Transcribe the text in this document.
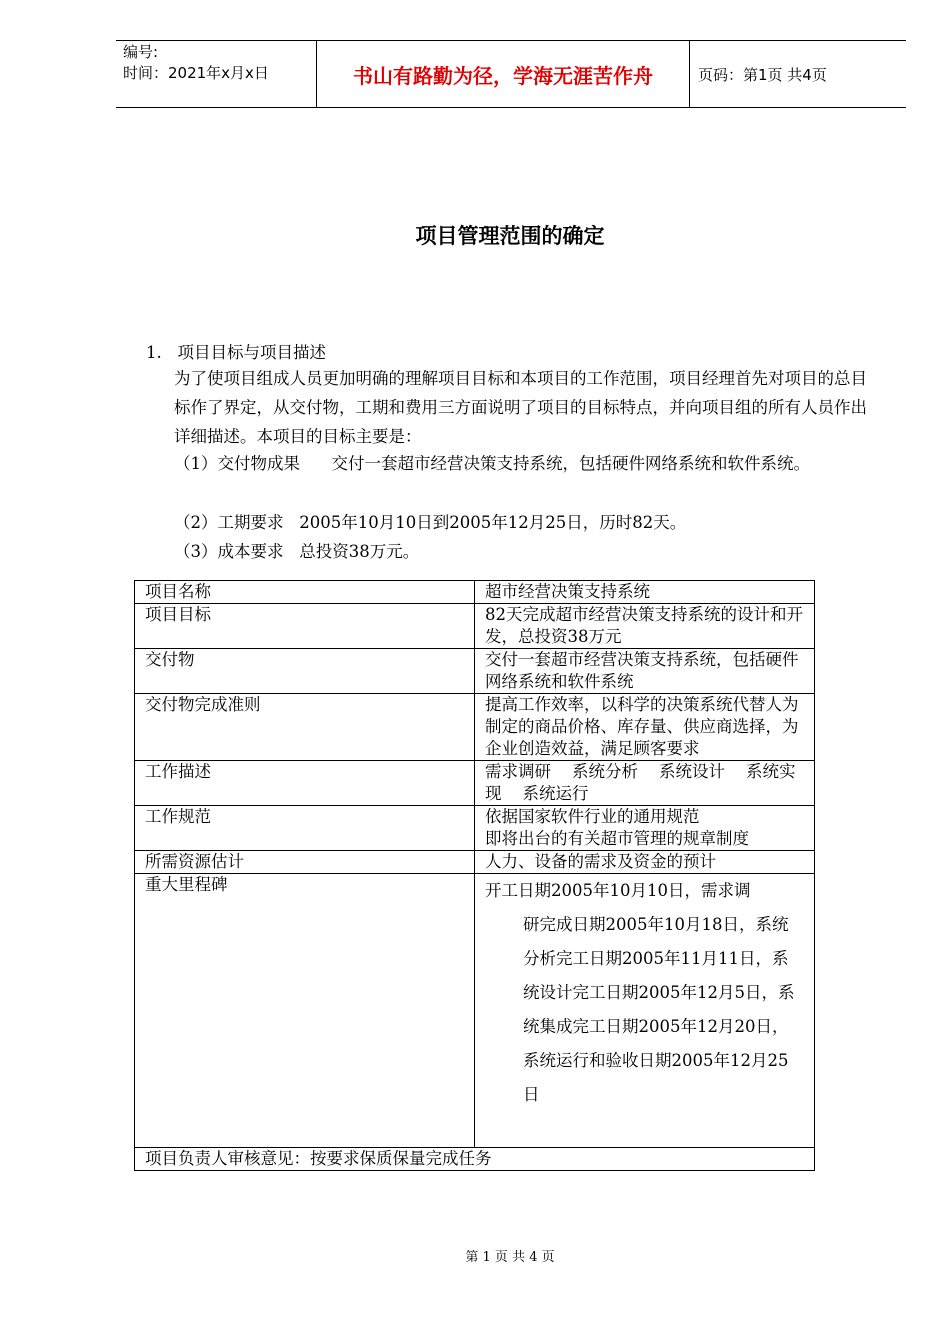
编号:
时间：2021年x月x日	书山有路勤为径，学海无涯苦作舟	页码：第1页 共4页
项目管理范围的确定
1.   项目目标与项目描述
为了使项目组成人员更加明确的理解项目目标和本项目的工作范围，项目经理首先对项目的总目标作了界定，从交付物，工期和费用三方面说明了项目的目标特点，并向项目组的所有人员作出详细描述。本项目的目标主要是：
（1）交付物成果      交付一套超市经营决策支持系统，包括硬件网络系统和软件系统。
（2）工期要求   2005年10月10日到2005年12月25日，历时82天。
（3）成本要求   总投资38万元。
项目名称	超市经营决策支持系统
项目目标	82天完成超市经营决策支持系统的设计和开发，总投资38万元
交付物	交付一套超市经营决策支持系统，包括硬件
网络系统和软件系统

交付物完成准则	提高工作效率，以科学的决策系统代替人为制定的商品价格、库存量、供应商选择，为企业创造效益，满足顾客要求
工作描述	需求调研    系统分析    系统设计    系统实现    系统运行
工作规范	依据国家软件行业的通用规范
即将出台的有关超市管理的规章制度

所需资源估计	人力、设备的需求及资金的预计
重大里程碑	开工日期2005年10月10日，需求调
研完成日期2005年10月18日，系统分析完工日期2005年11月11日，系统设计完工日期2005年12月5日，系统集成完工日期2005年12月20日，系统运行和验收日期2005年12月25日

项目负责人审核意见：按要求保质保量完成任务	
第 1 页 共 4 页
